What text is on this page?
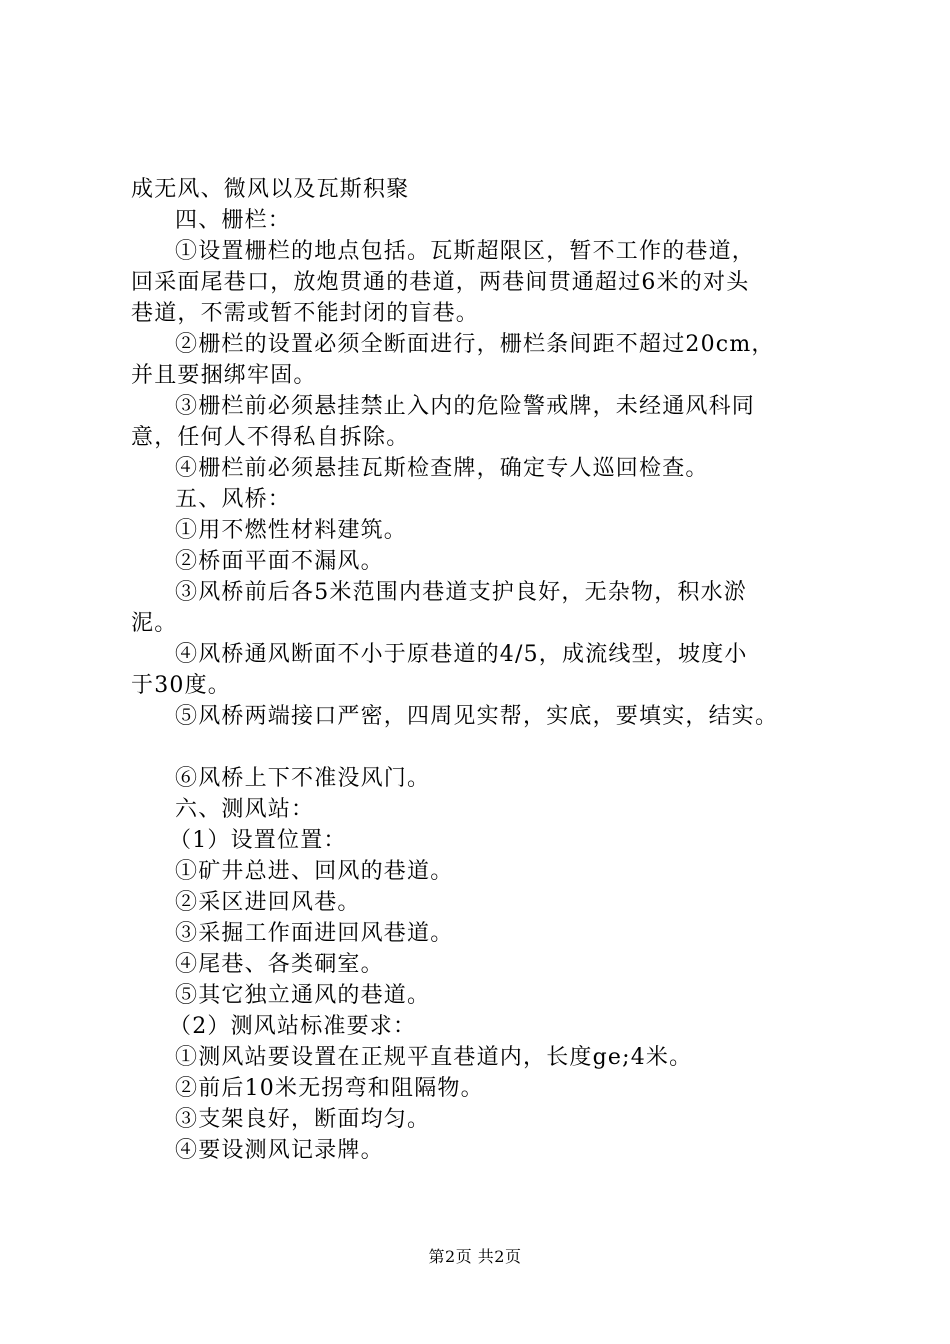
成无风、微风以及瓦斯积聚
四、栅栏：
①设置栅栏的地点包括。瓦斯超限区，暂不工作的巷道，
回采面尾巷口，放炮贯通的巷道，两巷间贯通超过6米的对头
巷道，不需或暂不能封闭的盲巷。
②栅栏的设置必须全断面进行，栅栏条间距不超过20cm，
并且要捆绑牢固。
③栅栏前必须悬挂禁止入内的危险警戒牌，未经通风科同
意，任何人不得私自拆除。
④栅栏前必须悬挂瓦斯检查牌，确定专人巡回检查。
五、风桥：
①用不燃性材料建筑。
②桥面平面不漏风。
③风桥前后各5米范围内巷道支护良好，无杂物，积水淤
泥。
④风桥通风断面不小于原巷道的4/5，成流线型，坡度小
于30度。
⑤风桥两端接口严密，四周见实帮，实底，要填实，结实。
⑥风桥上下不准没风门。
六、测风站：
（1）设置位置：
①矿井总进、回风的巷道。
②采区进回风巷。
③采掘工作面进回风巷道。
④尾巷、各类硐室。
⑤其它独立通风的巷道。
（2）测风站标准要求：
①测风站要设置在正规平直巷道内，长度ge;4米。
②前后10米无拐弯和阻隔物。
③支架良好，断面均匀。
④要设测风记录牌。
第2页 共2页
